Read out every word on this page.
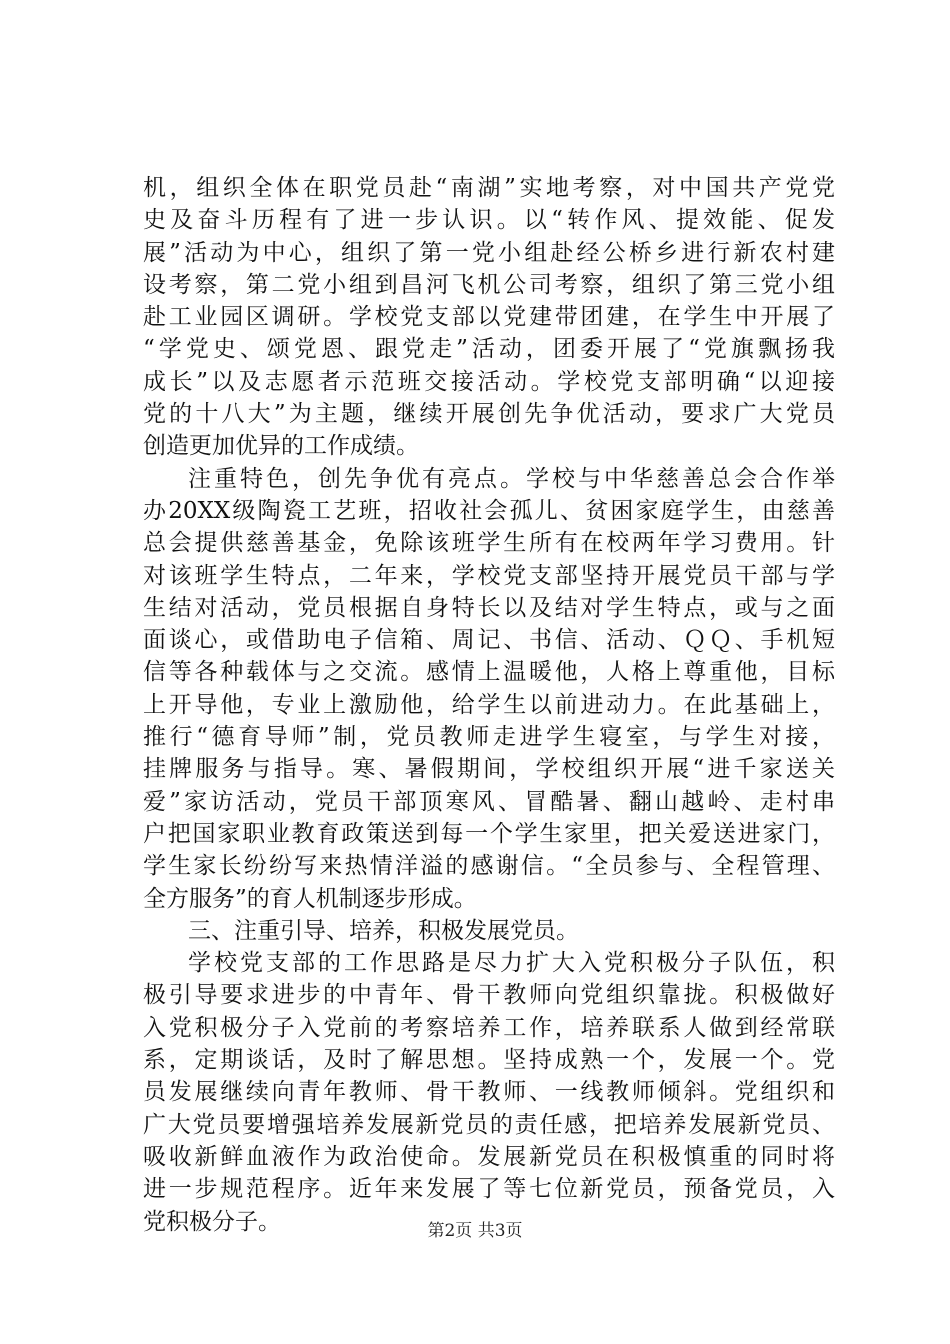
机，组织全体在职党员赴“南湖”实地考察，对中国共产党党
史及奋斗历程有了进一步认识。以“转作风、提效能、促发
展”活动为中心，组织了第一党小组赴经公桥乡进行新农村建
设考察，第二党小组到昌河飞机公司考察，组织了第三党小组
赴工业园区调研。学校党支部以党建带团建，在学生中开展了
“学党史、颂党恩、跟党走”活动，团委开展了“党旗飘扬我
成长”以及志愿者示范班交接活动。学校党支部明确“以迎接
党的十八大”为主题，继续开展创先争优活动，要求广大党员
创造更加优异的工作成绩。
注重特色，创先争优有亮点。学校与中华慈善总会合作举
办20XX级陶瓷工艺班，招收社会孤儿、贫困家庭学生，由慈善
总会提供慈善基金，免除该班学生所有在校两年学习费用。针
对该班学生特点，二年来，学校党支部坚持开展党员干部与学
生结对活动，党员根据自身特长以及结对学生特点，或与之面
面谈心，或借助电子信箱、周记、书信、活动、ＱＱ、手机短
信等各种载体与之交流。感情上温暖他，人格上尊重他，目标
上开导他，专业上激励他，给学生以前进动力。在此基础上，
推行“德育导师”制，党员教师走进学生寝室，与学生对接，
挂牌服务与指导。寒、暑假期间，学校组织开展“进千家送关
爱”家访活动，党员干部顶寒风、冒酷暑、翻山越岭、走村串
户把国家职业教育政策送到每一个学生家里，把关爱送进家门，
学生家长纷纷写来热情洋溢的感谢信。“全员参与、全程管理、
全方服务”的育人机制逐步形成。
三、注重引导、培养，积极发展党员。
学校党支部的工作思路是尽力扩大入党积极分子队伍，积
极引导要求进步的中青年、骨干教师向党组织靠拢。积极做好
入党积极分子入党前的考察培养工作，培养联系人做到经常联
系，定期谈话，及时了解思想。坚持成熟一个，发展一个。党
员发展继续向青年教师、骨干教师、一线教师倾斜。党组织和
广大党员要增强培养发展新党员的责任感，把培养发展新党员、
吸收新鲜血液作为政治使命。发展新党员在积极慎重的同时将
进一步规范程序。近年来发展了等七位新党员，预备党员，入
党积极分子。	第2页 共3页
